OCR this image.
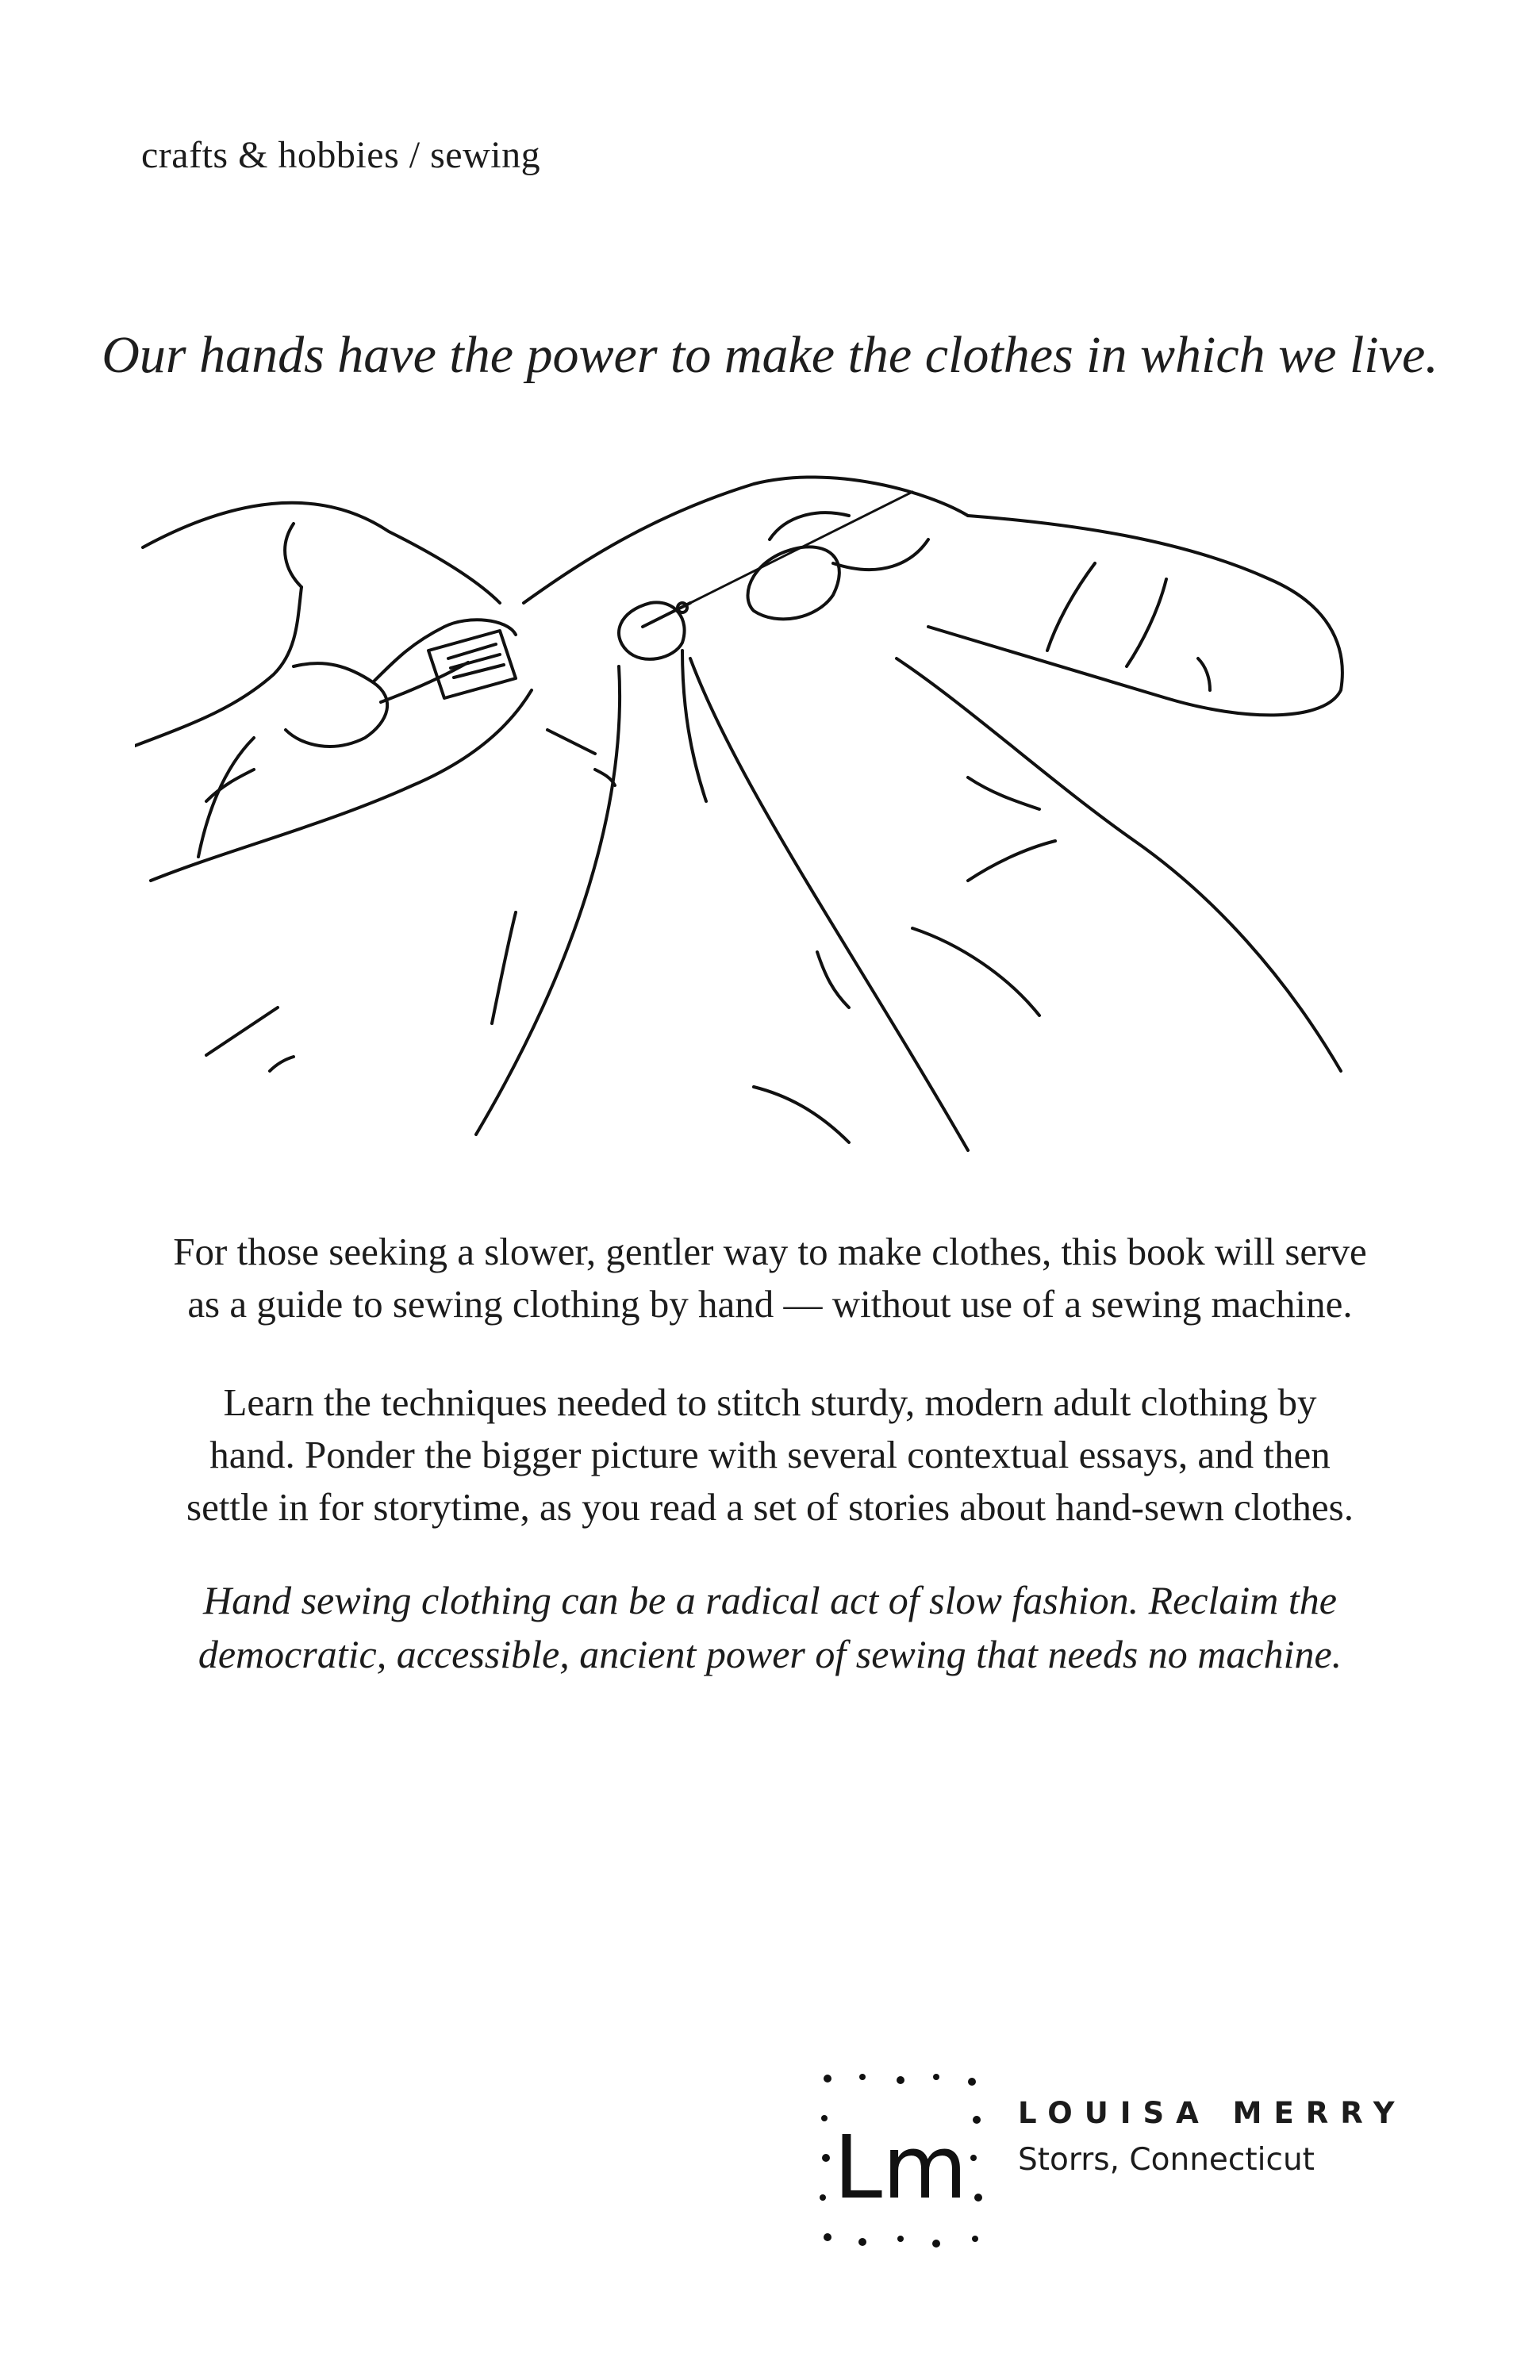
crafts & hobbies / sewing
Our hands have the power to make the clothes in which we live.

For those seeking a slower, gentler way to make clothes, this book will serve

as a guide to sewing clothing by hand — without use of a sewing machine.

Learn the techniques needed to stitch sturdy, modern adult clothing by

hand. Ponder the bigger picture with several contextual essays, and then

settle in for storytime, as you read a set of stories about hand-sewn clothes.

Hand sewing clothing can be a radical act of slow fashion. Reclaim the

democratic, accessible, ancient power of sewing that needs no machine.

Lm
LOUISA MERRY
Storrs, Connecticut
